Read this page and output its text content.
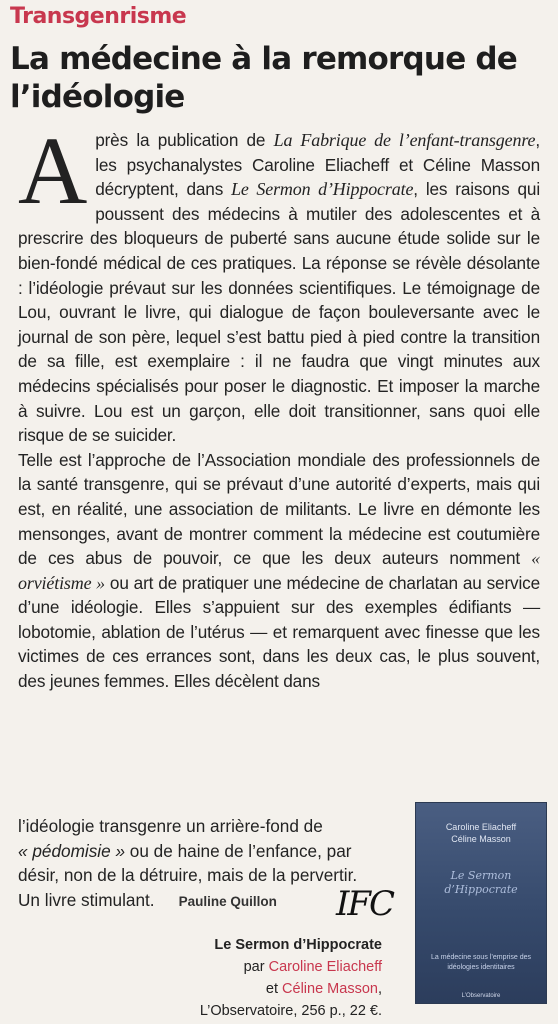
Transgenrisme
La médecine à la remorque de l’idéologie
A près la publication de La Fabrique de l’enfant-transgenre, les psychanalystes Caroline Eliacheff et Céline Masson décryptent, dans Le Sermon d’Hippocrate, les raisons qui poussent des médecins à mutiler des adolescentes et à prescrire des bloqueurs de puberté sans aucune étude solide sur le bien-fondé médical de ces pratiques. La réponse se révèle désolante : l’idéologie prévaut sur les données scientifiques. Le témoignage de Lou, ouvrant le livre, qui dialogue de façon bouleversante avec le journal de son père, lequel s’est battu pied à pied contre la transition de sa fille, est exemplaire : il ne faudra que vingt minutes aux médecins spécialisés pour poser le diagnostic. Et imposer la marche à suivre. Lou est un garçon, elle doit transitionner, sans quoi elle risque de se suicider.

Telle est l’approche de l’Association mondiale des professionnels de la santé transgenre, qui se prévaut d’une autorité d’experts, mais qui est, en réalité, une association de militants. Le livre en démonte les mensonges, avant de montrer comment la médecine est coutumière de ces abus de pouvoir, ce que les deux auteurs nomment « orviétisme » ou art de pratiquer une médecine de charlatan au service d’une idéologie. Elles s’appuient sur des exemples édifiants — lobotomie, ablation de l’utérus — et remarquent avec finesse que les victimes de ces errances sont, dans les deux cas, le plus souvent, des jeunes femmes. Elles décèlent dans

l’idéologie transgenre un arrière-fond de
« pédomisie » ou de haine de l’enfance, par
désir, non de la détruire, mais de la pervertir.
Un livre stimulant. Pauline Quillon	IFC
Le Sermon d’Hippocrate
par Caroline Eliacheff
et Céline Masson,
L’Observatoire, 256 p., 22 €.
Caroline Eliacheff
Céline Masson
Le Sermon
d’Hippocrate
La médecine sous l’emprise des idéologies identitaires
L’Observatoire
